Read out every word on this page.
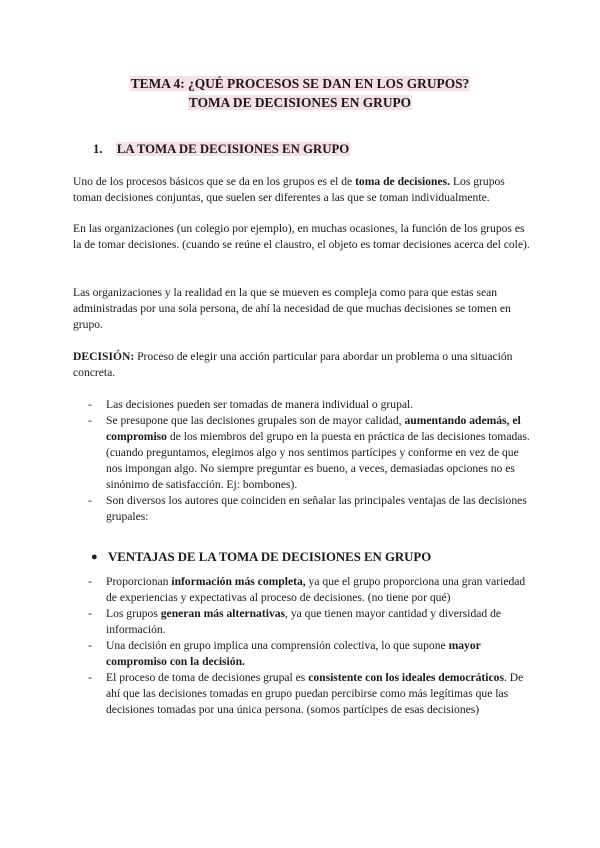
TEMA 4: ¿QUÉ PROCESOS SE DAN EN LOS GRUPOS?
TOMA DE DECISIONES EN GRUPO
1. LA TOMA DE DECISIONES EN GRUPO
Uno de los procesos básicos que se da en los grupos es el de toma de decisiones. Los grupos toman decisiones conjuntas, que suelen ser diferentes a las que se toman individualmente.
En las organizaciones (un colegio por ejemplo), en muchas ocasiones, la función de los grupos es la de tomar decisiones. (cuando se reúne el claustro, el objeto es tomar decisiones acerca del cole).
Las organizaciones y la realidad en la que se mueven es compleja como para que estas sean administradas por una sola persona, de ahí la necesidad de que muchas decisiones se tomen en grupo.
DECISIÓN: Proceso de elegir una acción particular para abordar un problema o una situación concreta.
- Las decisiones pueden ser tomadas de manera individual o grupal.
- Se presupone que las decisiones grupales son de mayor calidad, aumentando además, el compromiso de los miembros del grupo en la puesta en práctica de las decisiones tomadas. (cuando preguntamos, elegimos algo y nos sentimos partícipes y conforme en vez de que nos impongan algo. No siempre preguntar es bueno, a veces, demasiadas opciones no es sinónimo de satisfacción. Ej: bombones).
- Son diversos los autores que coinciden en señalar las principales ventajas de las decisiones grupales:
● VENTAJAS DE LA TOMA DE DECISIONES EN GRUPO
- Proporcionan información más completa, ya que el grupo proporciona una gran variedad de experiencias y expectativas al proceso de decisiones. (no tiene por qué)
- Los grupos generan más alternativas, ya que tienen mayor cantidad y diversidad de información.
- Una decisión en grupo implica una comprensión colectiva, lo que supone mayor compromiso con la decisión.
- El proceso de toma de decisiones grupal es consistente con los ideales democráticos. De ahí que las decisiones tomadas en grupo puedan percibirse como más legítimas que las decisiones tomadas por una única persona. (somos partícipes de esas decisiones)
